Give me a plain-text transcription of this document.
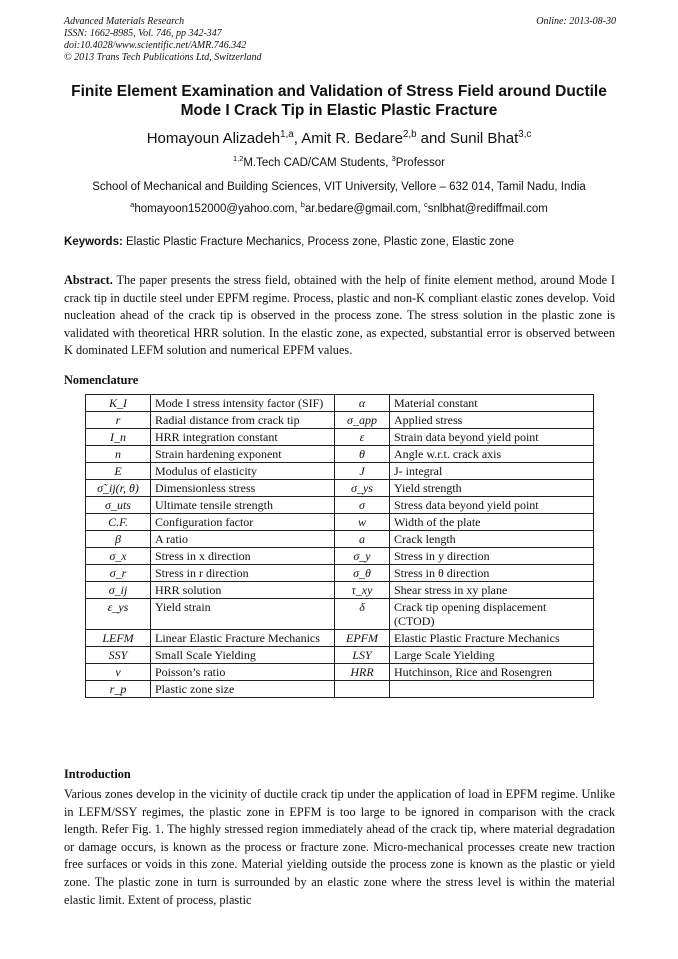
Advanced Materials Research
ISSN: 1662-8985, Vol. 746, pp 342-347
doi:10.4028/www.scientific.net/AMR.746.342
© 2013 Trans Tech Publications Ltd, Switzerland
Online: 2013-08-30
Finite Element Examination and Validation of Stress Field around Ductile
Mode I Crack Tip in Elastic Plastic Fracture
Homayoun Alizadeh$^{1,a}$, Amit R. Bedare$^{2,b}$ and Sunil Bhat$^{3,c}$
$^{1,2}$M.Tech CAD/CAM Students, $^3$Professor
School of Mechanical and Building Sciences, VIT University, Vellore – 632 014, Tamil Nadu, India
$^a$homayoon152000@yahoo.com, $^b$ar.bedare@gmail.com, $^c$snlbhat@rediffmail.com
Keywords: Elastic Plastic Fracture Mechanics, Process zone, Plastic zone, Elastic zone
Abstract. The paper presents the stress field, obtained with the help of finite element method, around Mode I crack tip in ductile steel under EPFM regime. Process, plastic and non-K compliant elastic zones develop. Void nucleation ahead of the crack tip is observed in the process zone. The stress solution in the plastic zone is validated with theoretical HRR solution. In the elastic zone, as expected, substantial error is observed between K dominated LEFM solution and numerical EPFM values.
Nomenclature
K_I	Mode I stress intensity factor (SIF)	α	Material constant
r	Radial distance from crack tip	σ_app	Applied stress
I_n	HRR integration constant	ε	Strain data beyond yield point
n	Strain hardening exponent	θ	Angle w.r.t. crack axis
E	Modulus of elasticity	J	J- integral
σ̃_ij(r, θ)	Dimensionless stress	σ_ys	Yield strength
σ_uts	Ultimate tensile strength	σ	Stress data beyond yield point
C.F.	Configuration factor	w	Width of the plate
β	A ratio	a	Crack length
σ_x	Stress in x direction	σ_y	Stress in y direction
σ_r	Stress in r direction	σ_θ	Stress in θ direction
σ_ij	HRR solution	τ_xy	Shear stress in xy plane
ε_ys	Yield strain	δ	Crack tip opening displacement (CTOD)
LEFM	Linear Elastic Fracture Mechanics	EPFM	Elastic Plastic Fracture Mechanics
SSY	Small Scale Yielding	LSY	Large Scale Yielding
v	Poisson’s ratio	HRR	Hutchinson, Rice and Rosengren
r_p	Plastic zone size		
Introduction
Various zones develop in the vicinity of ductile crack tip under the application of load in EPFM regime. Unlike in LEFM/SSY regimes, the plastic zone in EPFM is too large to be ignored in comparison with the crack length. Refer Fig. 1. The highly stressed region immediately ahead of the crack tip, where material degradation or damage occurs, is known as the process or fracture zone. Micro-mechanical processes create new traction free surfaces or voids in this zone. Material yielding outside the process zone is known as the plastic or yield zone. The plastic zone in turn is surrounded by an elastic zone where the stress level is within the material elastic limit. Extent of process, plastic
